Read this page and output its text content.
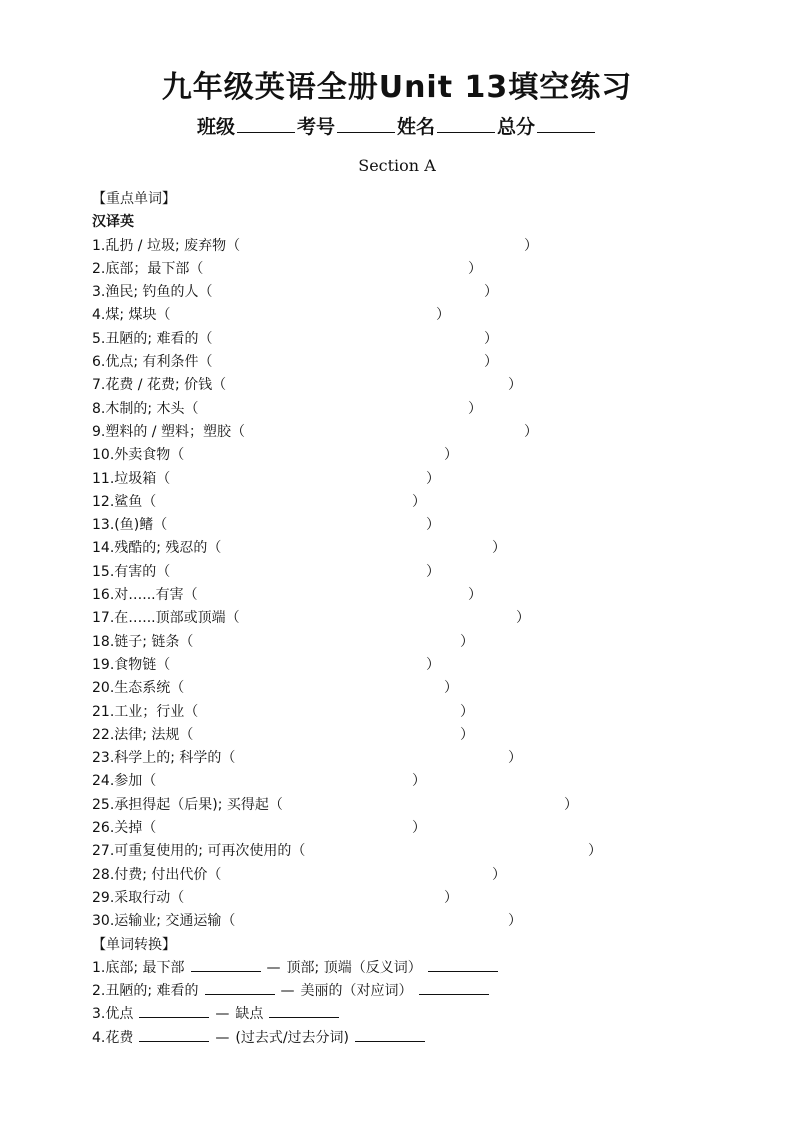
九年级英语全册Unit 13填空练习
班级	考号	姓名	总分
Section A
【重点单词】
汉译英
1.乱扔 / 垃圾; 废弃物（	）
2.底部；最下部（	）
3.渔民; 钓鱼的人（	）
4.煤; 煤块（	）
5.丑陋的; 难看的（	）
6.优点; 有利条件（	）
7.花费 / 花费; 价钱（	）
8.木制的; 木头（	）
9.塑料的 / 塑料；塑胶（	）
10.外卖食物（	）
11.垃圾箱（	）
12.鲨鱼（	）
13.(鱼)鳍（	）
14.残酷的; 残忍的（	）
15.有害的（	）
16.对…...有害（	）
17.在…...顶部或顶端（	）
18.链子; 链条（	）
19.食物链（	）
20.生态系统（	）
21.工业；行业（	）
22.法律; 法规（	）
23.科学上的; 科学的（	）
24.参加（	）
25.承担得起（后果); 买得起（	）
26.关掉（	）
27.可重复使用的; 可再次使用的（	）
28.付费; 付出代价（	）
29.采取行动（	）
30.运输业; 交通运输（	）
【单词转换】
1.底部; 最下部	— 顶部; 顶端（反义词）
2.丑陋的; 难看的	— 美丽的（对应词）
3.优点	— 缺点
4.花费	— (过去式/过去分词)
